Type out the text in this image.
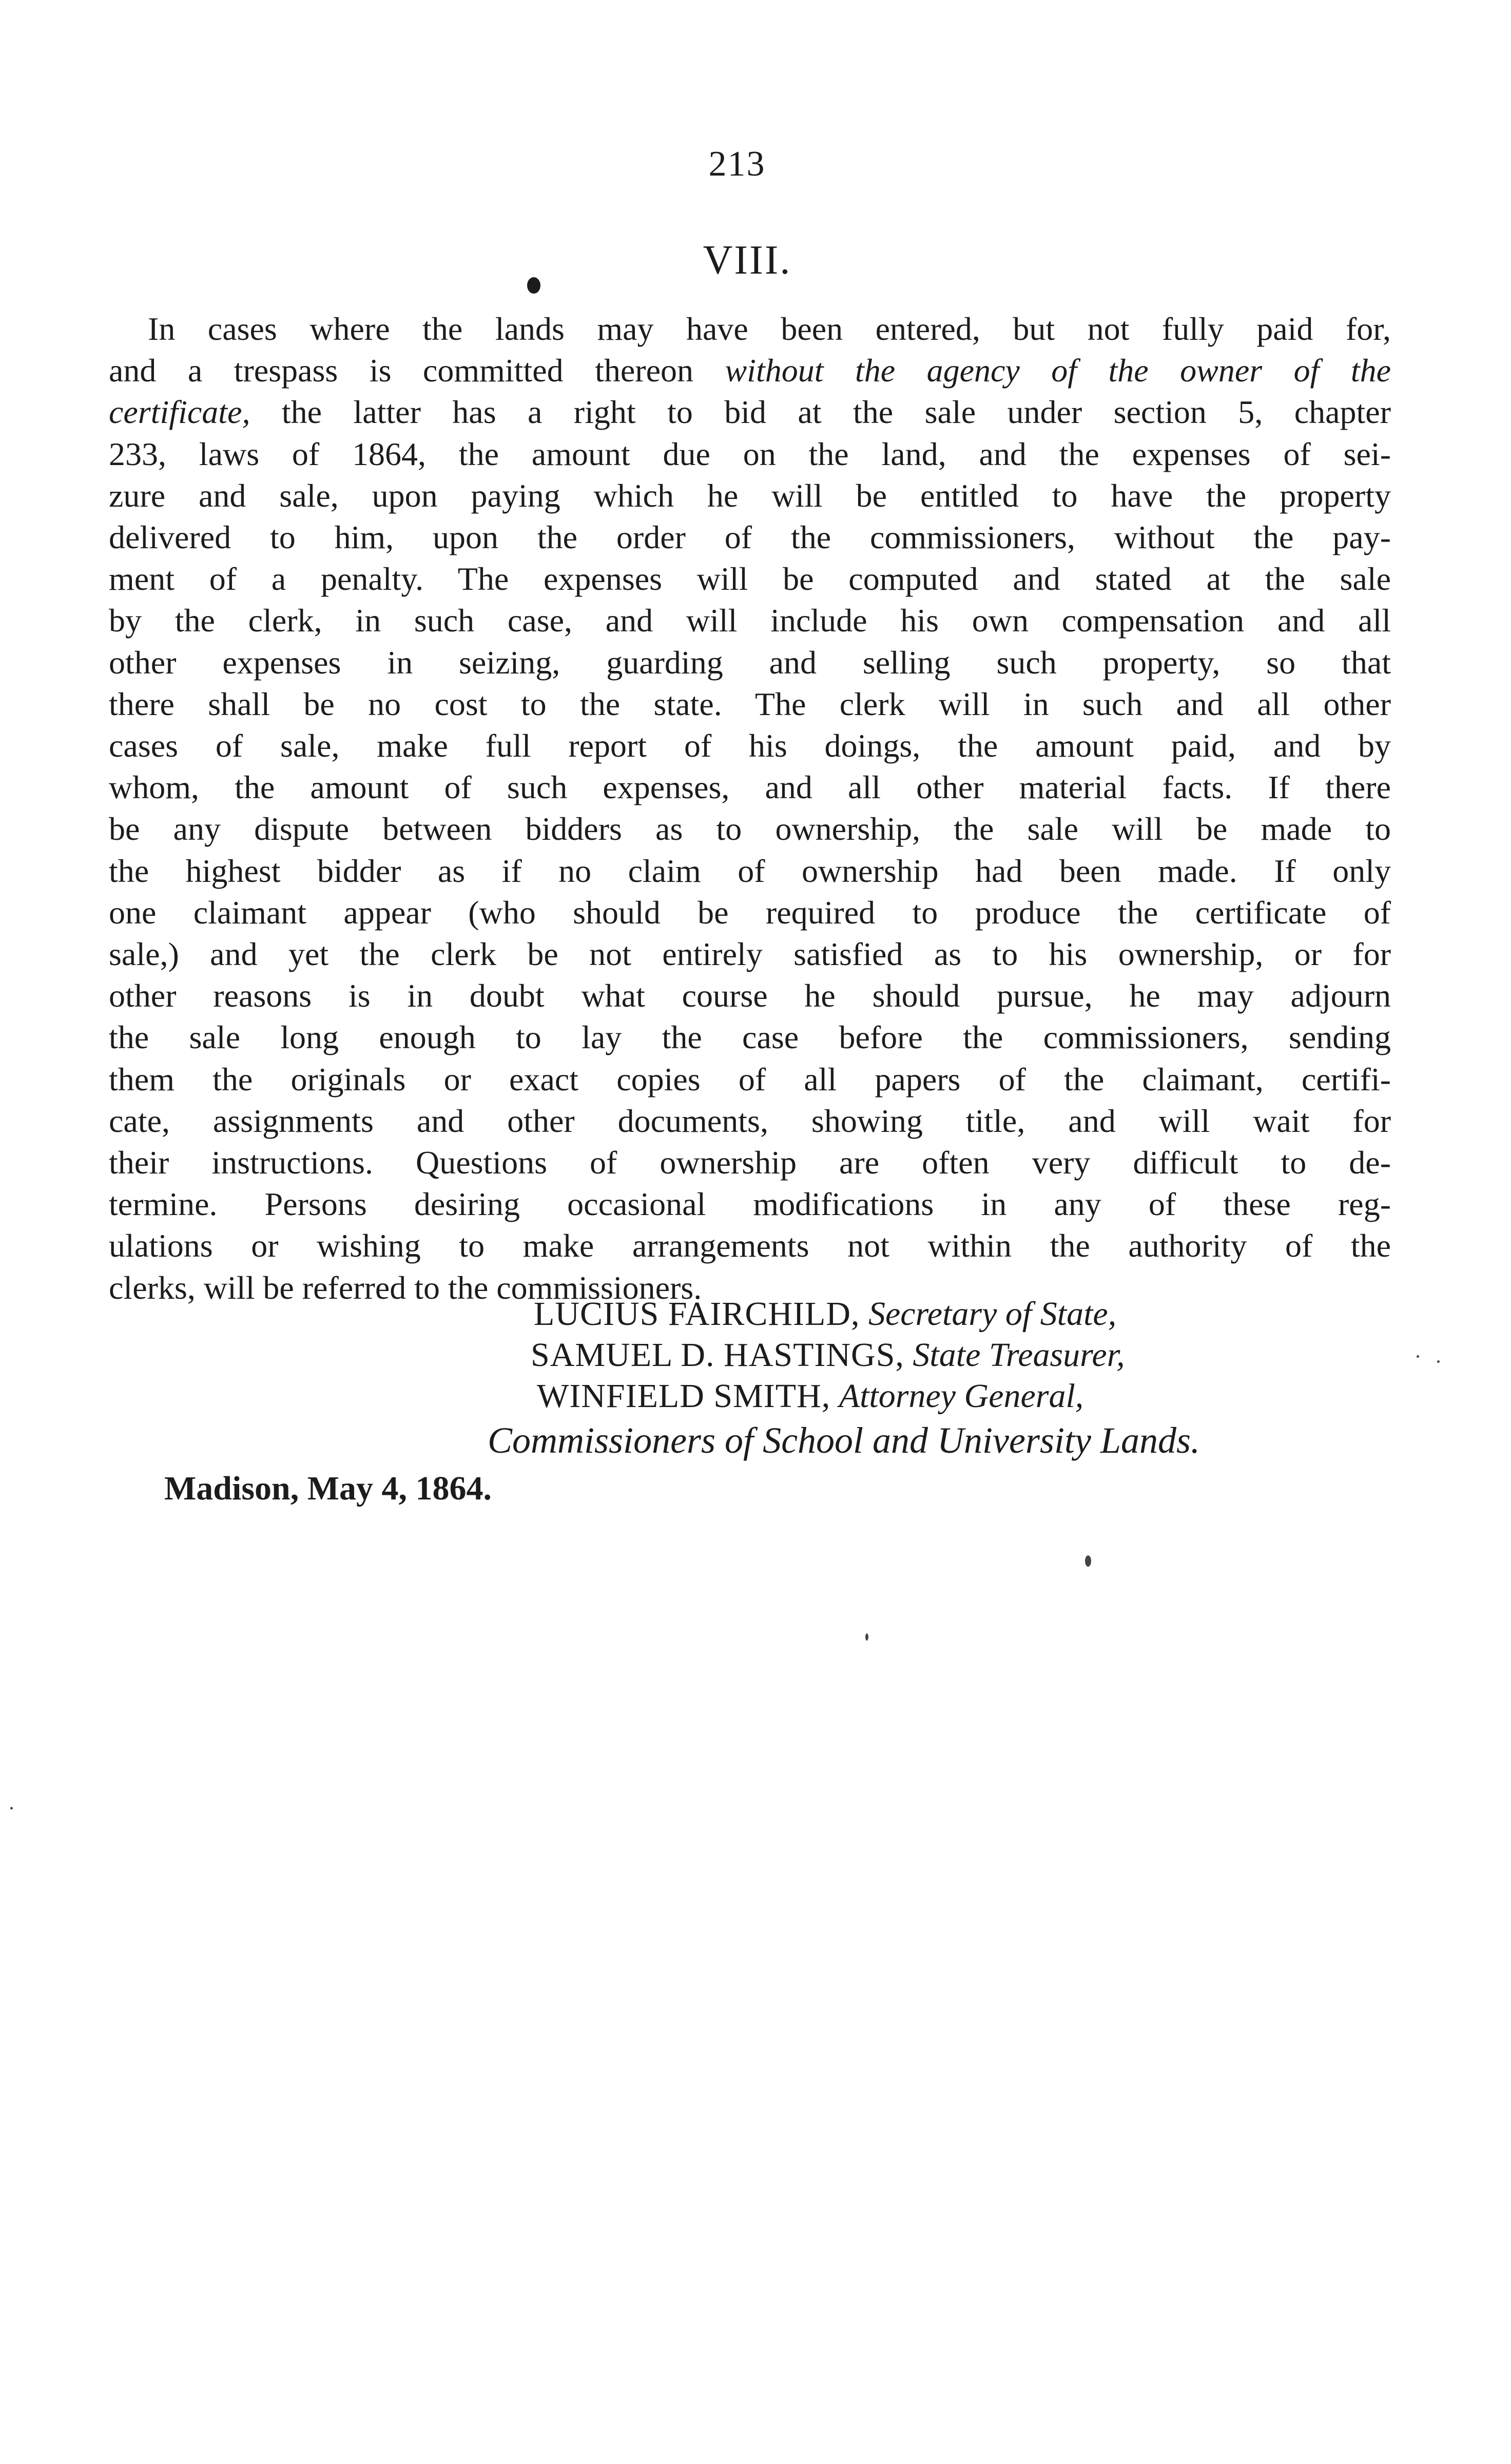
213
VIII.
In cases where the lands may have been entered, but not fully paid for,
and a trespass is committed thereon without the agency of the owner of the
certificate, the latter has a right to bid at the sale under section 5, chapter
233, laws of 1864, the amount due on the land, and the expenses of sei-
zure and sale, upon paying which he will be entitled to have the property
delivered to him, upon the order of the commissioners, without the pay-
ment of a penalty. The expenses will be computed and stated at the sale
by the clerk, in such case, and will include his own compensation and all
other expenses in seizing, guarding and selling such property, so that
there shall be no cost to the state. The clerk will in such and all other
cases of sale, make full report of his doings, the amount paid, and by
whom, the amount of such expenses, and all other material facts. If there
be any dispute between bidders as to ownership, the sale will be made to
the highest bidder as if no claim of ownership had been made. If only
one claimant appear (who should be required to produce the certificate of
sale,) and yet the clerk be not entirely satisfied as to his ownership, or for
other reasons is in doubt what course he should pursue, he may adjourn
the sale long enough to lay the case before the commissioners, sending
them the originals or exact copies of all papers of the claimant, certifi-
cate, assignments and other documents, showing title, and will wait for
their instructions. Questions of ownership are often very difficult to de-
termine. Persons desiring occasional modifications in any of these reg-
ulations or wishing to make arrangements not within the authority of the
clerks, will be referred to the commissioners.
LUCIUS FAIRCHILD, Secretary of State,
SAMUEL D. HASTINGS, State Treasurer,
WINFIELD SMITH, Attorney General,
Commissioners of School and University Lands.
Madison, May 4, 1864.
